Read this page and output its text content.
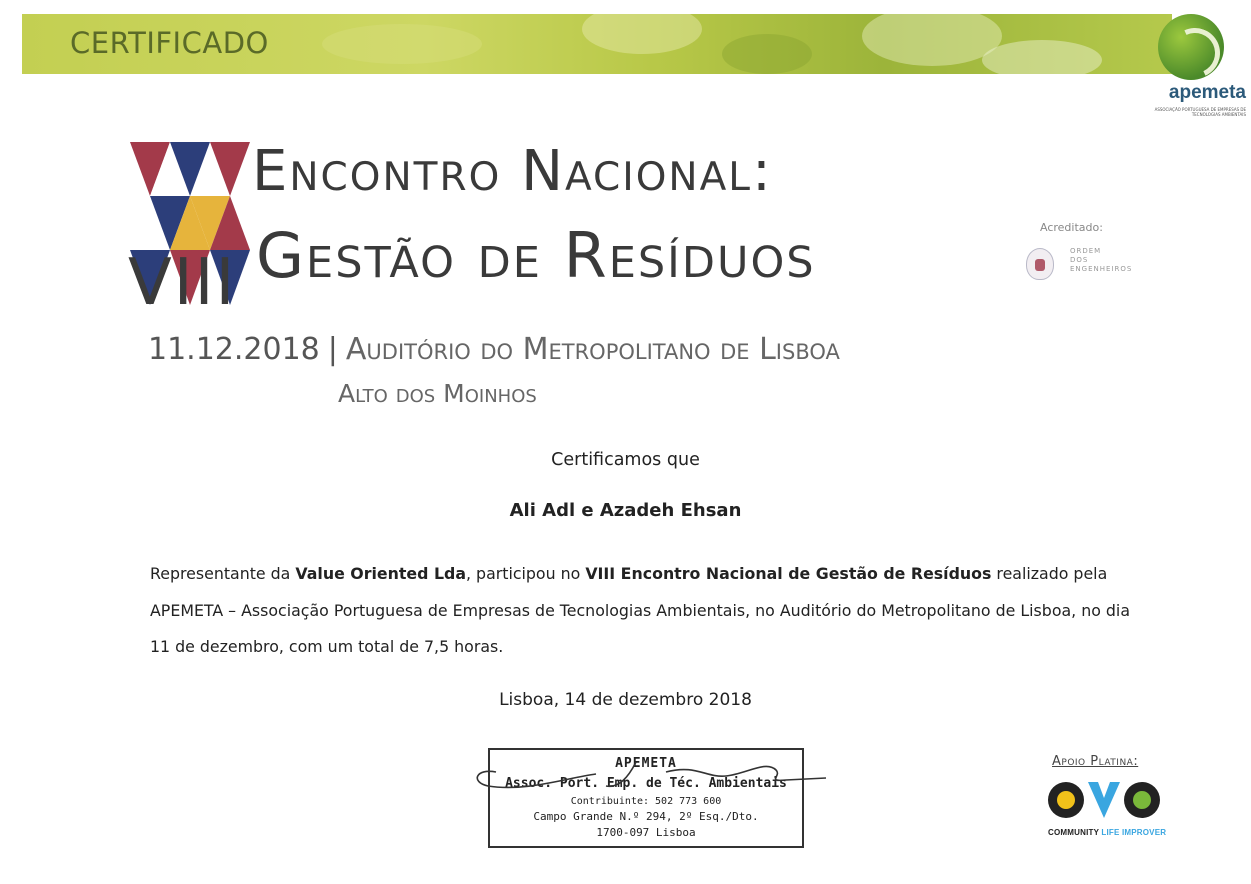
CERTIFICADO
apemeta
ASSOCIAÇÃO PORTUGUESA DE EMPRESAS DE TECNOLOGIAS AMBIENTAIS
VIII
Encontro Nacional:
Gestão de Resíduos
11.12.2018 | Auditório do Metropolitano de Lisboa
Alto dos Moinhos
Acreditado:
ORDEM
DOS
ENGENHEIROS
Certificamos que
Ali Adl e Azadeh Ehsan
Representante da Value Oriented Lda, participou no VIII Encontro Nacional de Gestão de Resíduos realizado pela APEMETA – Associação Portuguesa de Empresas de Tecnologias Ambientais, no Auditório do Metropolitano de Lisboa, no dia 11 de dezembro, com um total de 7,5 horas.
Lisboa, 14 de dezembro 2018
APEMETA
Assoc. Port. Emp. de Téc. Ambientais
Contribuinte: 502 773 600
Campo Grande N.º 294, 2º Esq./Dto.
1700-097 Lisboa
Apoio Platina:
COMMUNITY LIFE IMPROVER
